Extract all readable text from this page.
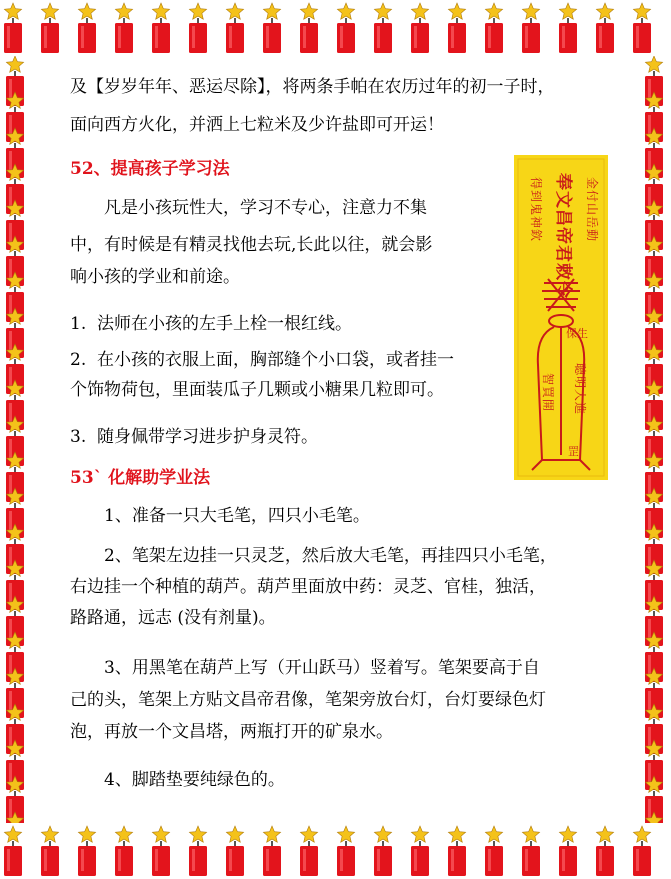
及【岁岁年年、恶运尽除】，将两条手帕在农历过年的初一子时，

面向西方火化，并洒上七粒米及少许盐即可开运！

52、提高孩子学习法

凡是小孩玩性大，学习不专心，注意力不集

中，有时候是有精灵找他去玩,长此以往，就会影

响小孩的学业和前途。

1. 法师在小孩的左手上栓一根红线。

2. 在小孩的衣服上面，胸部缝个小口袋，或者挂一

个饰物荷包，里面装瓜子几颗或小糖果几粒即可。

3. 随身佩带学习进步护身灵符。

53` 化解助学业法

1、准备一只大毛笔，四只小毛笔。

2、笔架左边挂一只灵芝，然后放大毛笔，再挂四只小毛笔，

右边挂一个种植的葫芦。葫芦里面放中药：灵芝、官桂，独活，

路路通，远志 (没有剂量)。

3、用黑笔在葫芦上写（开山跃马）竖着写。笔架要高于自

己的头，笔架上方贴文昌帝君像，笔架旁放台灯，台灯要绿色灯

泡，再放一个文昌塔，两瓶打开的矿泉水。

4、脚踏垫要纯绿色的。

奉文昌帝君敕令
得到鬼神欽	金付山岳動
保生
智買開 聰明大進
罡
